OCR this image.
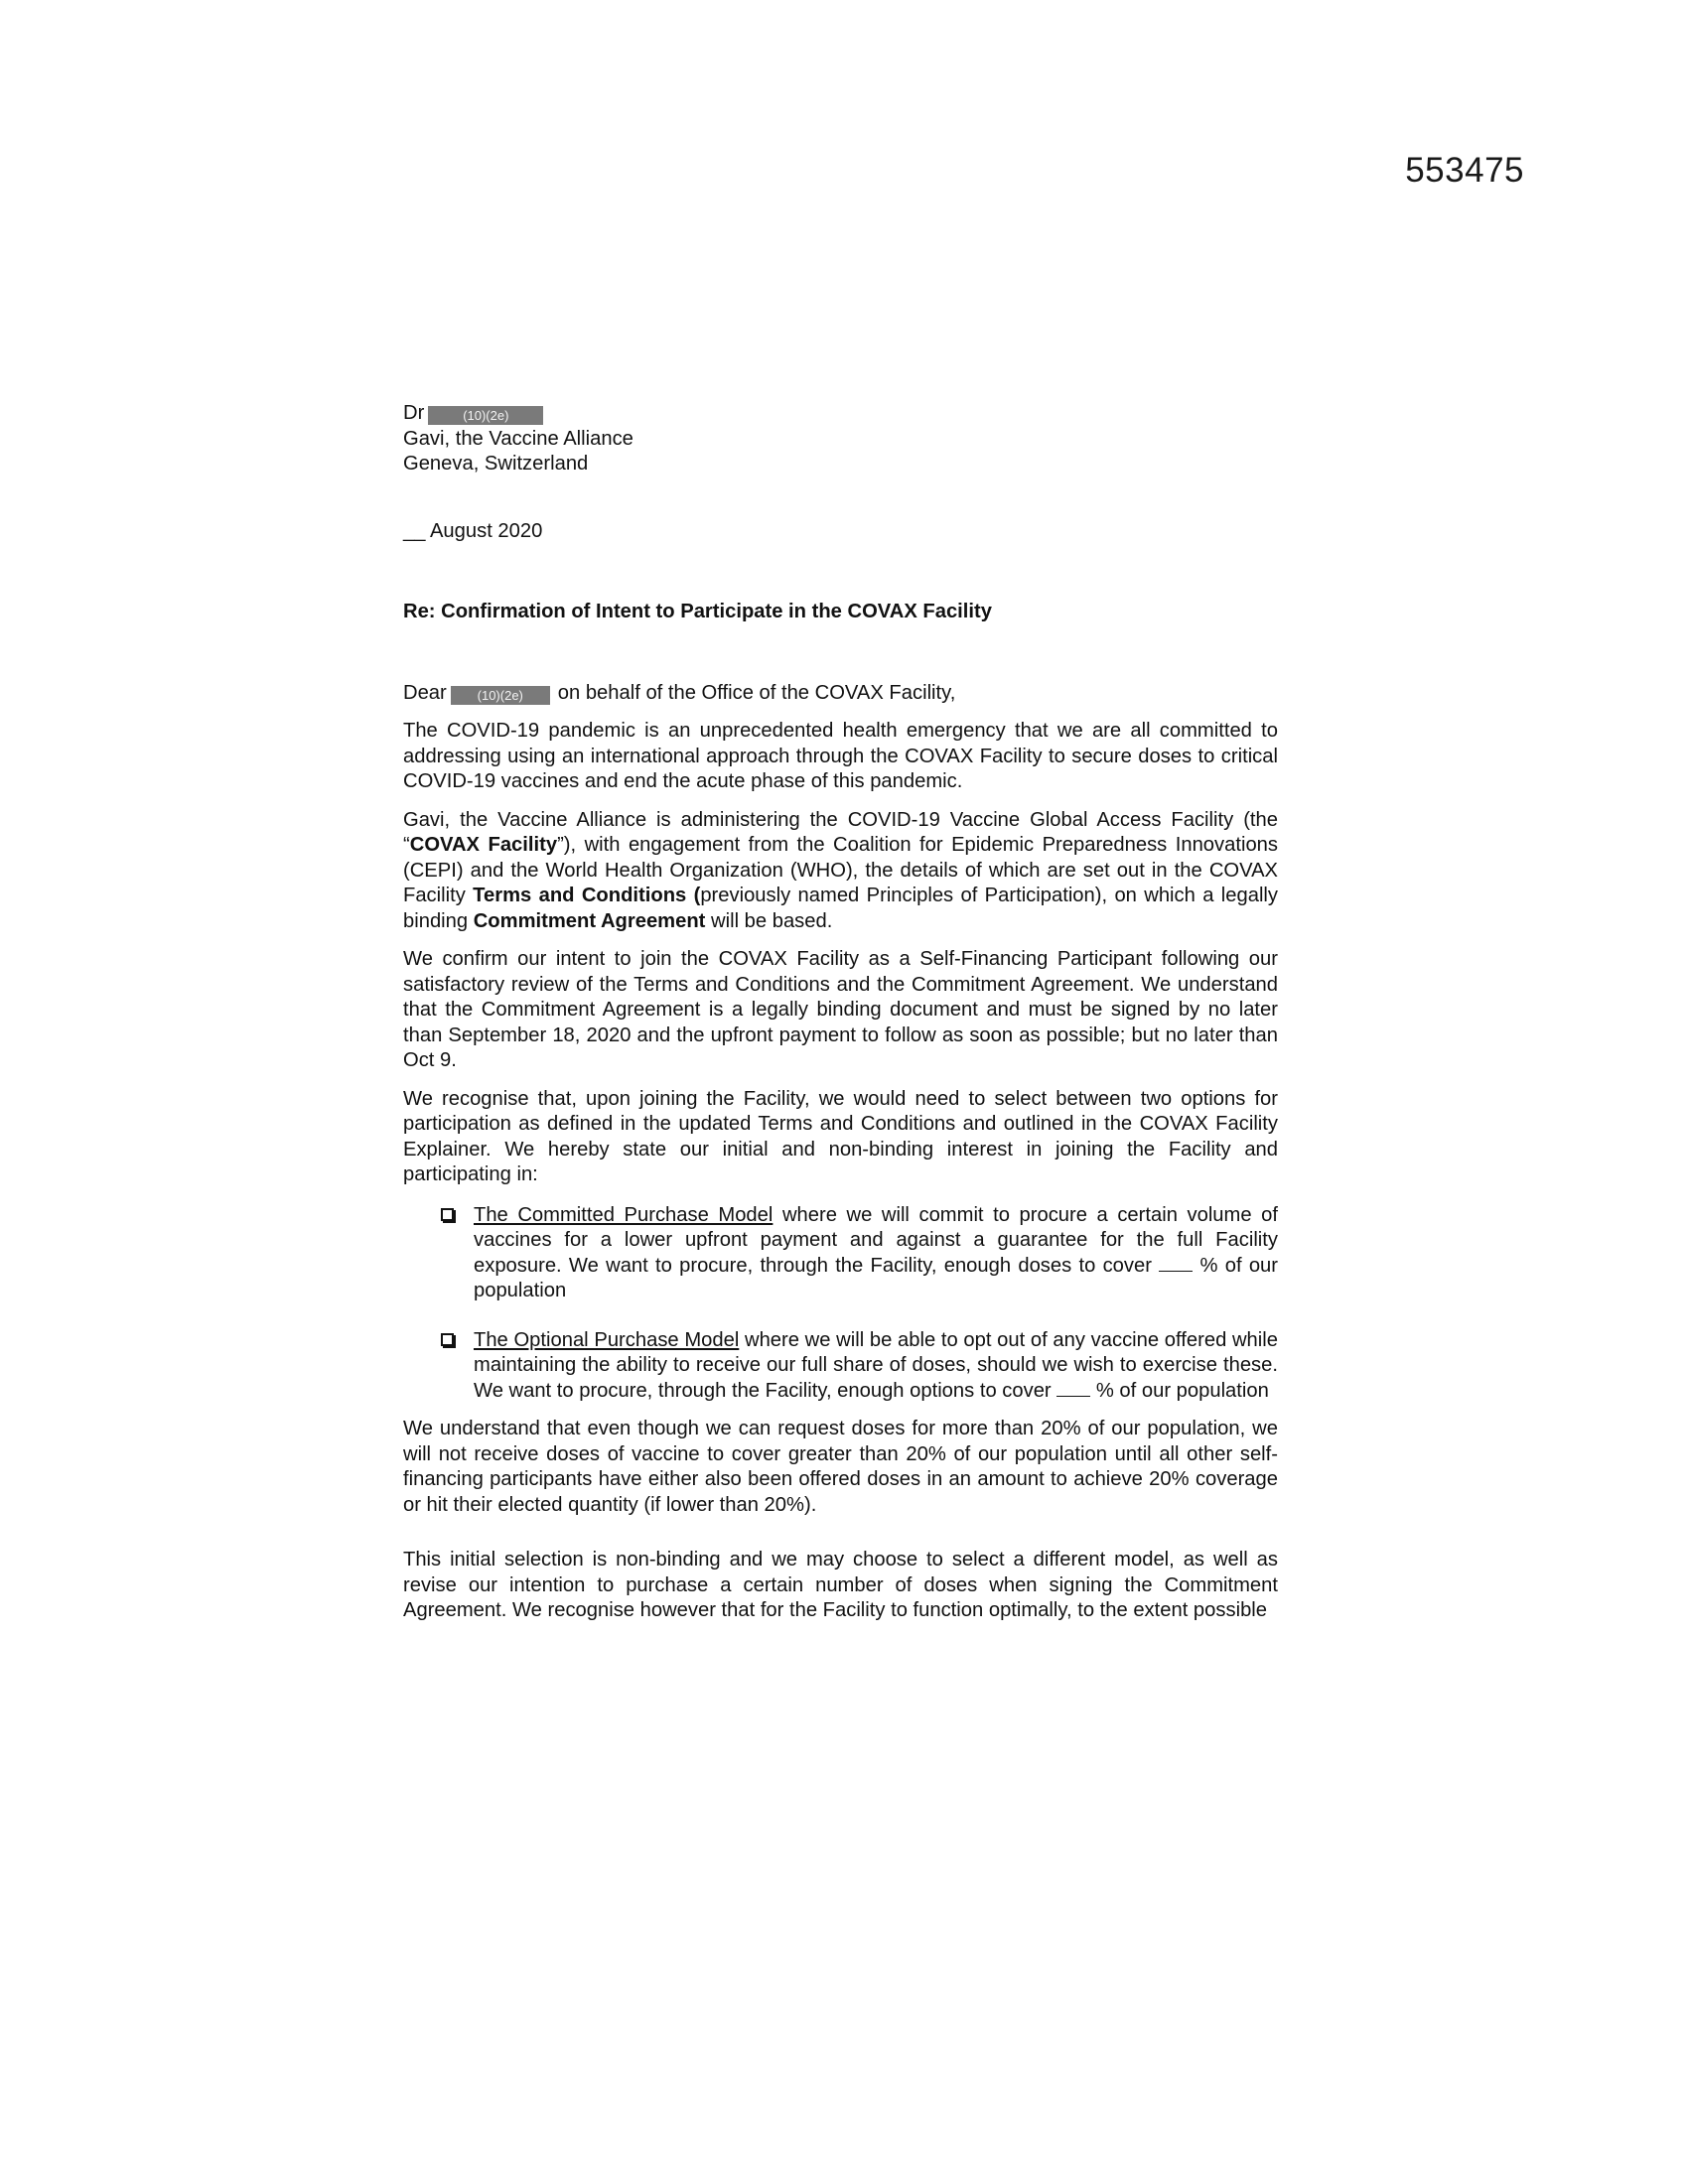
553475

Dr	(10)(2e)

Gavi, the Vaccine Alliance

Geneva, Switzerland

__ August 2020

Re: Confirmation of Intent to Participate in the COVAX Facility

Dear (10)(2e) on behalf of the Office of the COVAX Facility,

The COVID-19 pandemic is an unprecedented health emergency that we are all committed to addressing using an international approach through the COVAX Facility to secure doses to critical COVID-19 vaccines and end the acute phase of this pandemic.

Gavi, the Vaccine Alliance is administering the COVID-19 Vaccine Global Access Facility (the “COVAX Facility”), with engagement from the Coalition for Epidemic Preparedness Innovations (CEPI) and the World Health Organization (WHO), the details of which are set out in the COVAX Facility Terms and Conditions (previously named Principles of Participation), on which a legally binding Commitment Agreement will be based.

We confirm our intent to join the COVAX Facility as a Self-Financing Participant following our satisfactory review of the Terms and Conditions and the Commitment Agreement. We understand that the Commitment Agreement is a legally binding document and must be signed by no later than September 18, 2020 and the upfront payment to follow as soon as possible; but no later than Oct 9.

We recognise that, upon joining the Facility, we would need to select between two options for participation as defined in the updated Terms and Conditions and outlined in the COVAX Facility Explainer. We hereby state our initial and non-binding interest in joining the Facility and participating in:

The Committed Purchase Model where we will commit to procure a certain volume of vaccines for a lower upfront payment and against a guarantee for the full Facility exposure. We want to procure, through the Facility, enough doses to cover  % of our population
The Optional Purchase Model where we will be able to opt out of any vaccine offered while maintaining the ability to receive our full share of doses, should we wish to exercise these. We want to procure, through the Facility, enough options to cover  % of our population

We understand that even though we can request doses for more than 20% of our population, we will not receive doses of vaccine to cover greater than 20% of our population until all other self-financing participants have either also been offered doses in an amount to achieve 20% coverage or hit their elected quantity (if lower than 20%).

This initial selection is non-binding and we may choose to select a different model, as well as revise our intention to purchase a certain number of doses when signing the Commitment Agreement. We recognise however that for the Facility to function optimally, to the extent possible
